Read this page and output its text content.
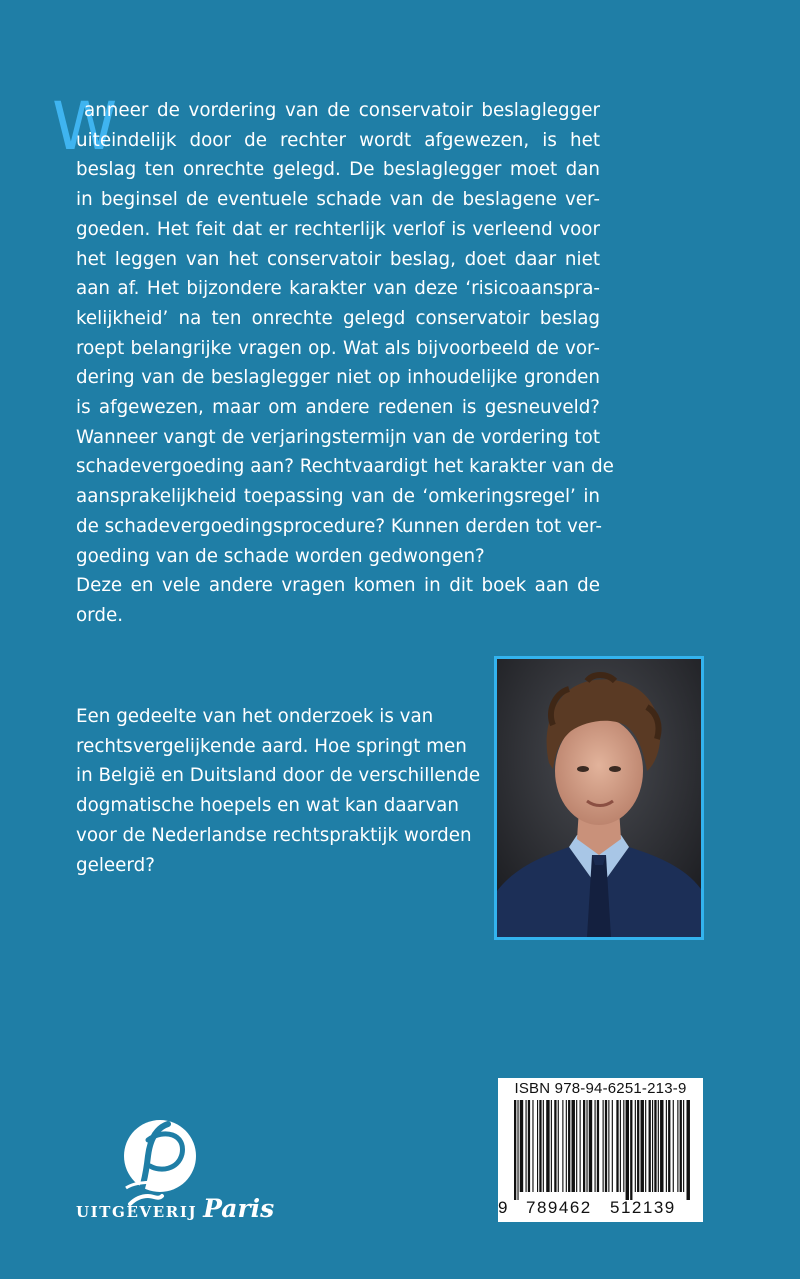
W
anneer de vordering van de conservatoir beslaglegger
uiteindelijk door de rechter wordt afgewezen, is het
beslag ten onrechte gelegd. De beslaglegger moet dan
in beginsel de eventuele schade van de beslagene ver-
goeden. Het feit dat er rechterlijk verlof is verleend voor
het leggen van het conservatoir beslag, doet daar niet
aan af. Het bijzondere karakter van deze ‘risicoaanspra-
kelijkheid’ na ten onrechte gelegd conservatoir beslag
roept belangrijke vragen op. Wat als bijvoorbeeld de vor-
dering van de beslaglegger niet op inhoudelijke gronden
is afgewezen, maar om andere redenen is gesneuveld?
Wanneer vangt de verjaringstermijn van de vordering tot
schadevergoeding aan? Rechtvaardigt het karakter van de
aansprakelijkheid toepassing van de ‘omkeringsregel’ in
de schadevergoedingsprocedure? Kunnen derden tot ver-
goeding van de schade worden gedwongen?
Deze en vele andere vragen komen in dit boek aan de
orde.
Een gedeelte van het onderzoek is van
rechtsvergelijkende aard. Hoe springt men
in België en Duitsland door de verschillende
dogmatische hoepels en wat kan daarvan
voor de Nederlandse rechtspraktijk worden
geleerd?
ISBN 978-94-6251-213-9
9 789462 512139
UITGEVERIJ Paris
